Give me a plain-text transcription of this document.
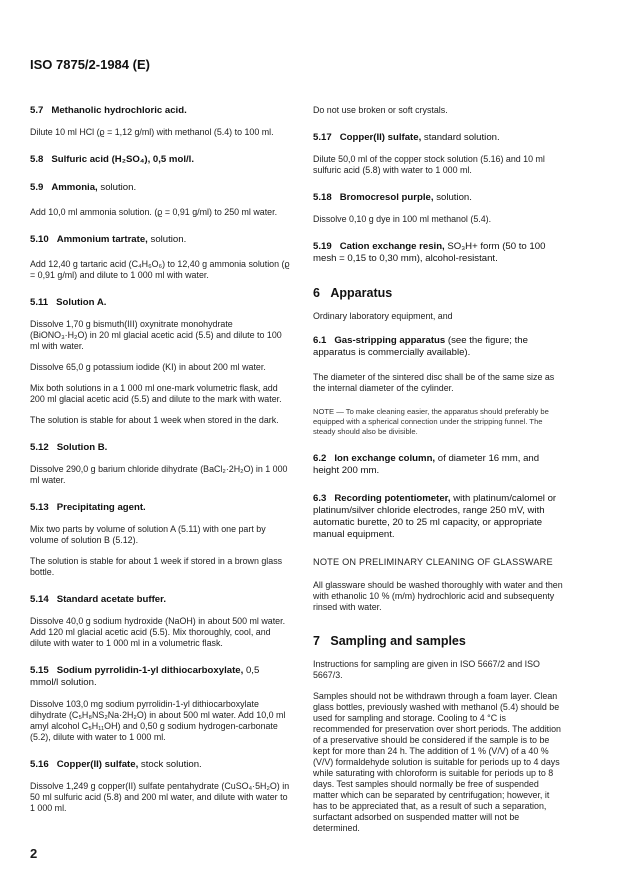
ISO 7875/2-1984 (E)

5.7 Methanolic hydrochloric acid.

Dilute 10 ml HCl (ϱ = 1,12 g/ml) with methanol (5.4) to 100 ml.

5.8 Sulfuric acid (H₂SO₄), 0,5 mol/l.

5.9 Ammonia, solution.

Add 10,0 ml ammonia solution. (ϱ = 0,91 g/ml) to 250 ml water.

5.10 Ammonium tartrate, solution.

Add 12,40 g tartaric acid (C₄H₆O₆) to 12,40 g ammonia solution (ϱ = 0,91 g/ml) and dilute to 1 000 ml with water.

5.11 Solution A.

Dissolve 1,70 g bismuth(III) oxynitrate monohydrate (BiONO₃·H₂O) in 20 ml glacial acetic acid (5.5) and dilute to 100 ml with water.

Dissolve 65,0 g potassium iodide (KI) in about 200 ml water.

Mix both solutions in a 1 000 ml one-mark volumetric flask, add 200 ml glacial acetic acid (5.5) and dilute to the mark with water.

The solution is stable for about 1 week when stored in the dark.

5.12 Solution B.

Dissolve 290,0 g barium chloride dihydrate (BaCl₂·2H₂O) in 1 000 ml water.

5.13 Precipitating agent.

Mix two parts by volume of solution A (5.11) with one part by volume of solution B (5.12).

The solution is stable for about 1 week if stored in a brown glass bottle.

5.14 Standard acetate buffer.

Dissolve 40,0 g sodium hydroxide (NaOH) in about 500 ml water. Add 120 ml glacial acetic acid (5.5). Mix thoroughly, cool, and dilute with water to 1 000 ml in a volumetric flask.

5.15 Sodium pyrrolidin-1-yl dithiocarboxylate, 0,5 mmol/l solution.

Dissolve 103,0 mg sodium pyrrolidin-1-yl dithiocarboxylate dihydrate (C₅H₈NS₂Na·2H₂O) in about 500 ml water. Add 10,0 ml amyl alcohol C₅H₁₁OH) and 0,50 g sodium hydrogen-carbonate (5.2), dilute with water to 1 000 ml.

5.16 Copper(II) sulfate, stock solution.

Dissolve 1,249 g copper(II) sulfate pentahydrate (CuSO₄·5H₂O) in 50 ml sulfuric acid (5.8) and 200 ml water, and dilute with water to 1 000 ml.

Do not use broken or soft crystals.

5.17 Copper(II) sulfate, standard solution.

Dilute 50,0 ml of the copper stock solution (5.16) and 10 ml sulfuric acid (5.8) with water to 1 000 ml.

5.18 Bromocresol purple, solution.

Dissolve 0,10 g dye in 100 ml methanol (5.4).

5.19 Cation exchange resin, SO₃H+ form (50 to 100 mesh = 0,15 to 0,30 mm), alcohol-resistant.

6 Apparatus

Ordinary laboratory equipment, and

6.1 Gas-stripping apparatus (see the figure; the apparatus is commercially available).

The diameter of the sintered disc shall be of the same size as the internal diameter of the cylinder.

NOTE — To make cleaning easier, the apparatus should preferably be equipped with a spherical connection under the stripping funnel. The steady should also be divisible.

6.2 Ion exchange column, of diameter 16 mm, and height 200 mm.

6.3 Recording potentiometer, with platinum/calomel or platinum/silver chloride electrodes, range 250 mV, with automatic burette, 20 to 25 ml capacity, or appropriate manual equipment.

NOTE ON PRELIMINARY CLEANING OF GLASSWARE

All glassware should be washed thoroughly with water and then with ethanolic 10 % (m/m) hydrochloric acid and subsequenty rinsed with water.

7 Sampling and samples

Instructions for sampling are given in ISO 5667/2 and ISO 5667/3.

Samples should not be withdrawn through a foam layer. Clean glass bottles, previously washed with methanol (5.4) should be used for sampling and storage. Cooling to 4 °C is recommended for preservation over short periods. The addition of a preservative should be considered if the sample is to be kept for more than 24 h. The addition of 1 % (V/V) of a 40 % (V/V) formaldehyde solution is suitable for periods up to 4 days while saturating with chloroform is suitable for periods up to 8 days. Test samples should normally be free of suspended matter which can be separated by centrifugation; however, it has to be appreciated that, as a result of such a separation, surfactant adsorbed on suspended matter will not be determined.

2
